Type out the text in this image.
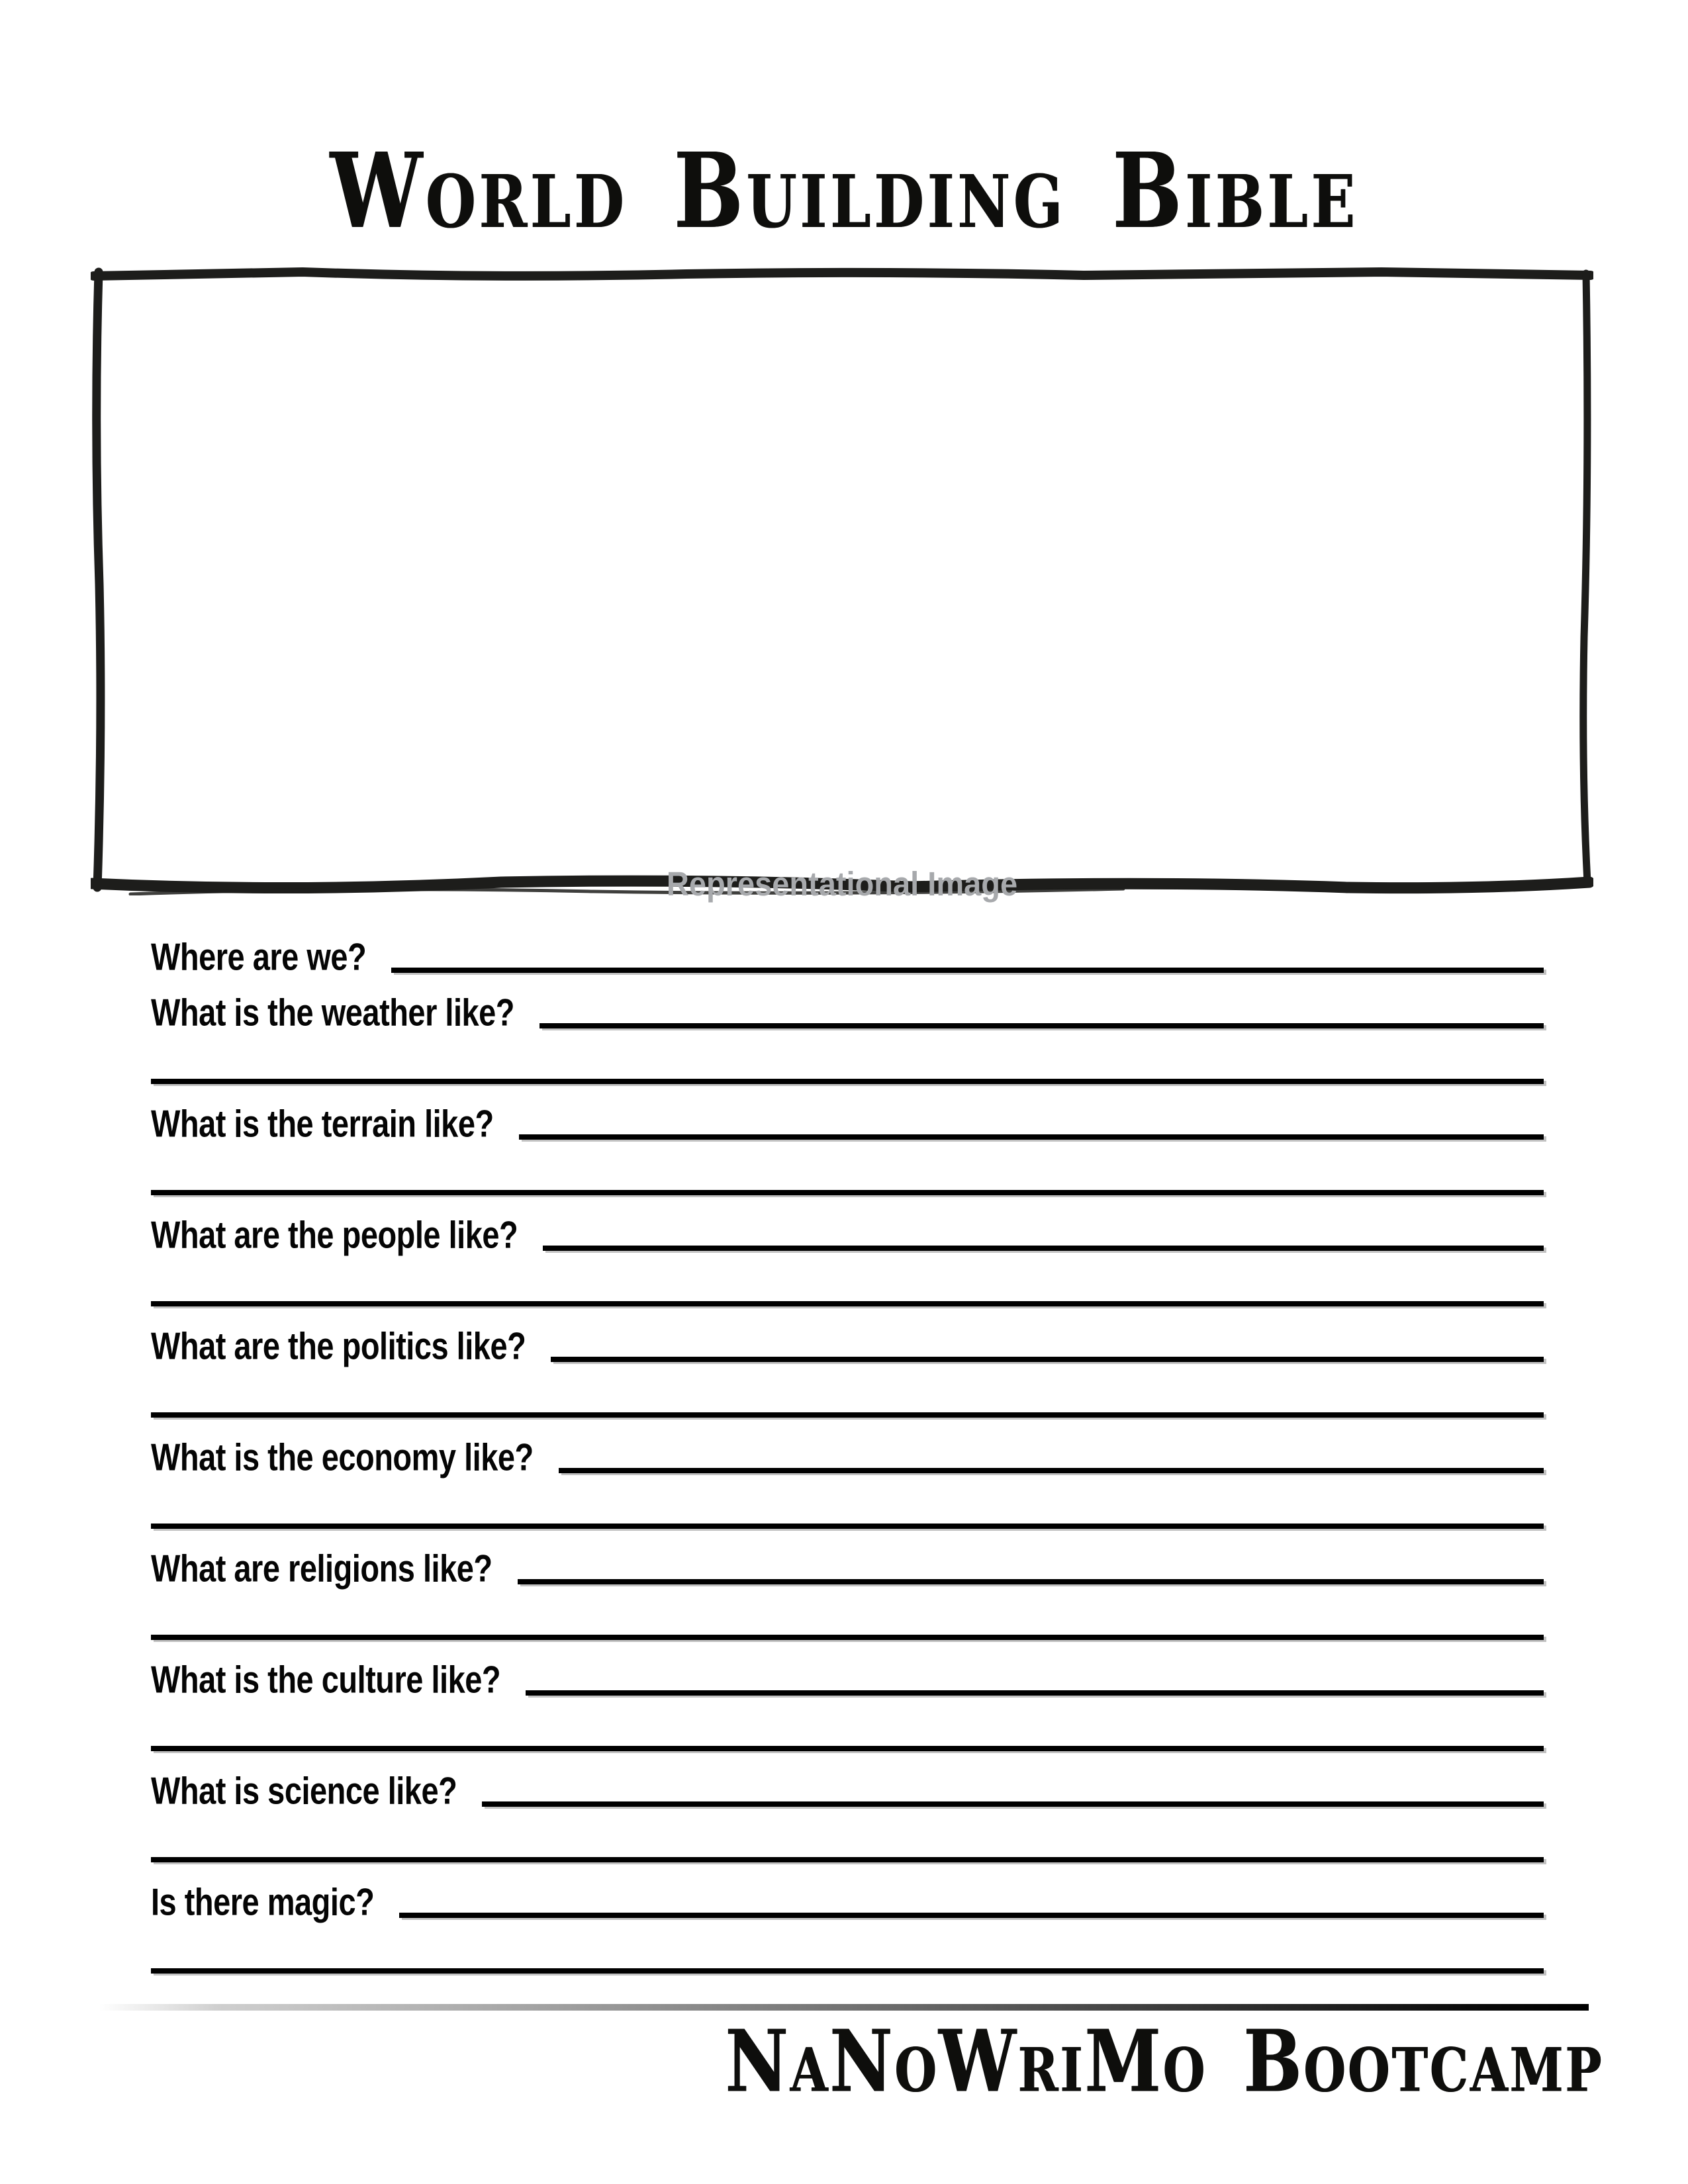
World Building Bible
Representational Image
Where are we?
What is the weather like?
What is the terrain like?
What are the people like?
What are the politics like?
What is the economy like?
What are religions like?
What is the culture like?
What is science like?
Is there magic?
NaNoWriMo Bootcamp
